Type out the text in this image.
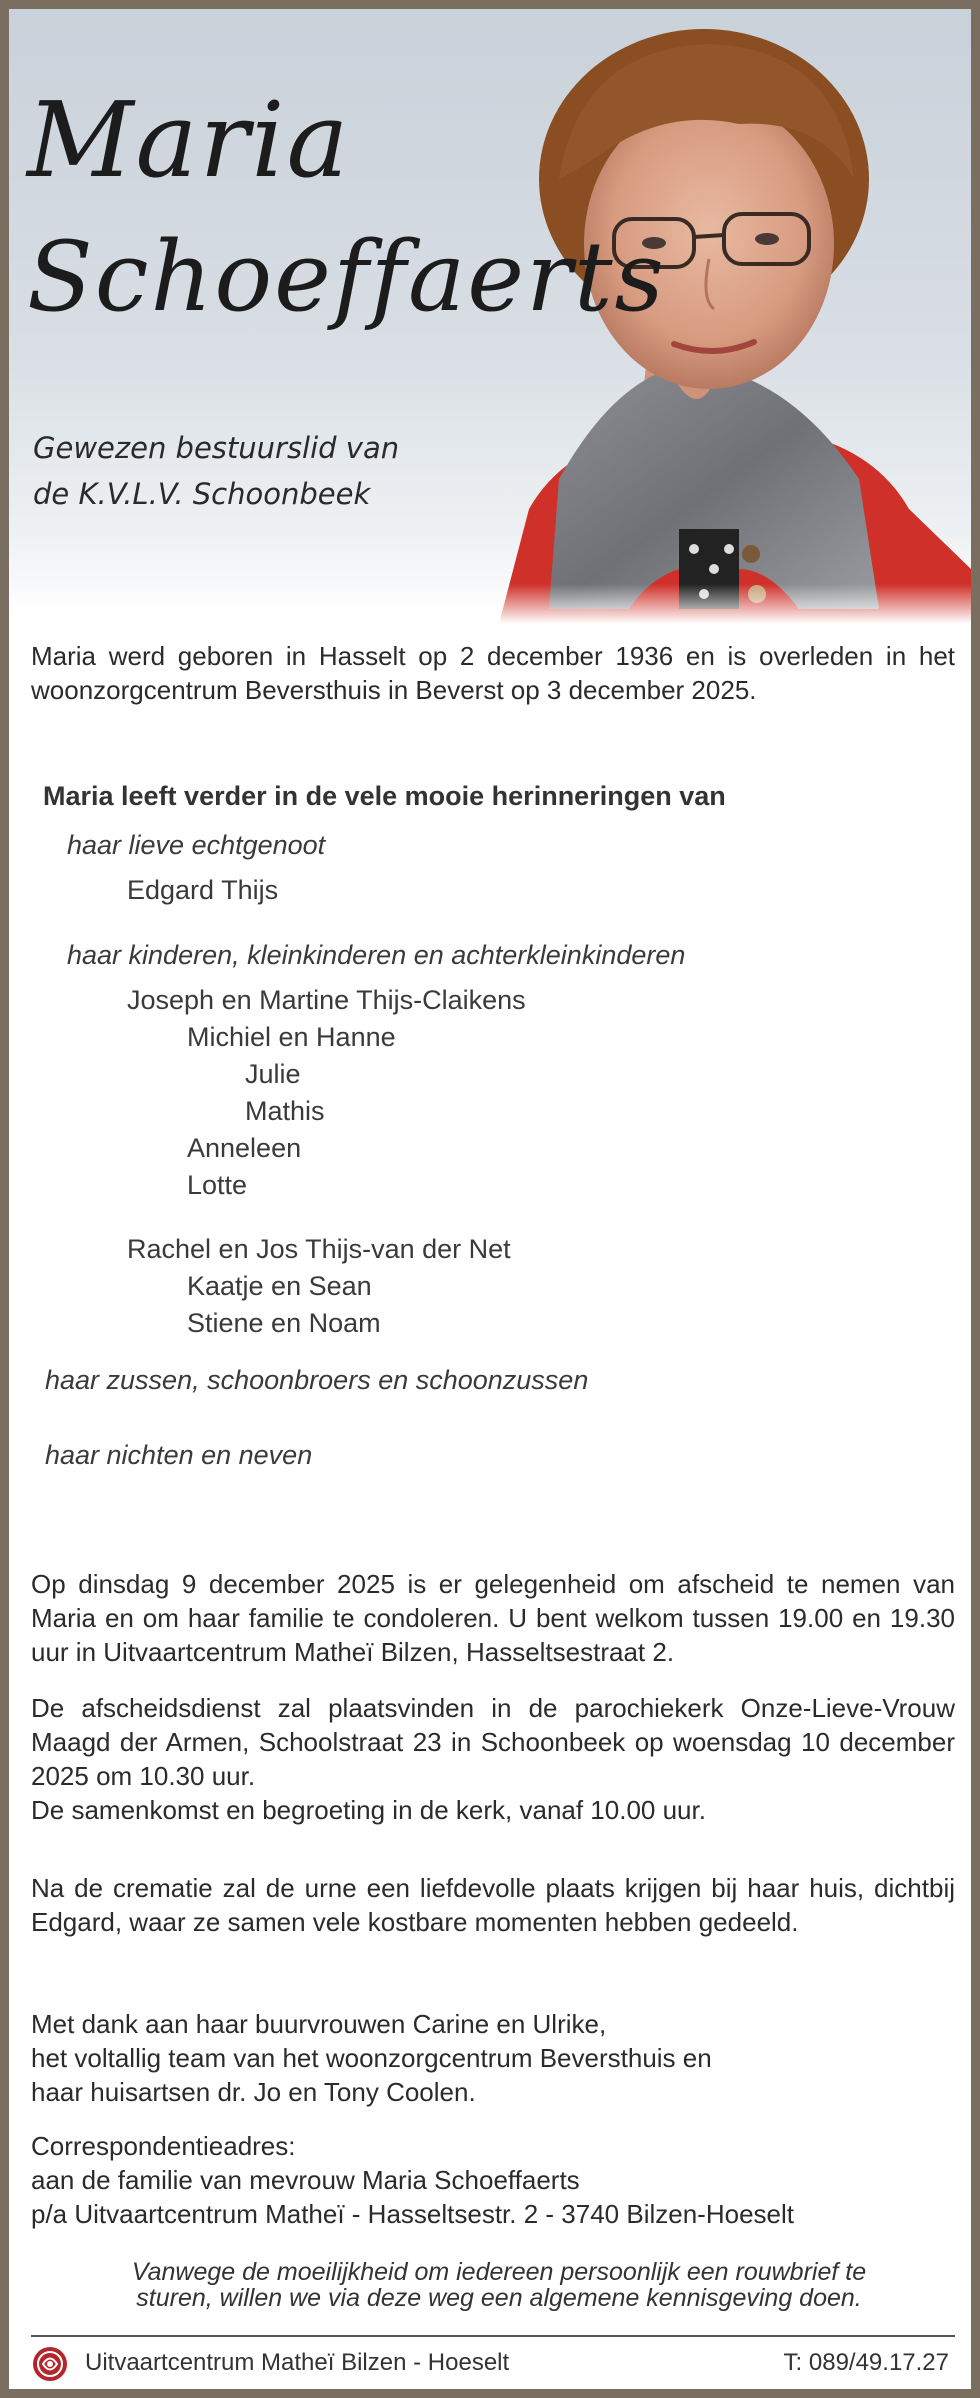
Maria
Schoeffaerts
Gewezen bestuurslid van
de K.V.L.V. Schoonbeek

Maria werd geboren in Hasselt op 2 december 1936 en is overleden in het woonzorgcentrum Beversthuis in Beverst op 3 december 2025.

Maria leeft verder in de vele mooie herinneringen van
haar lieve echtgenoot
Edgard Thijs
haar kinderen, kleinkinderen en achterkleinkinderen
Joseph en Martine Thijs-Claikens
Michiel en Hanne
Julie
Mathis
Anneleen
Lotte
Rachel en Jos Thijs-van der Net
Kaatje en Sean
Stiene en Noam
haar zussen, schoonbroers en schoonzussen
haar nichten en neven

Op dinsdag 9 december 2025 is er gelegenheid om afscheid te nemen van Maria en om haar familie te condoleren. U bent welkom tussen 19.00 en 19.30 uur in Uitvaartcentrum Matheï Bilzen, Hasseltsestraat 2.

De afscheidsdienst zal plaatsvinden in de parochiekerk Onze-Lieve-Vrouw Maagd der Armen, Schoolstraat 23 in Schoonbeek op woensdag 10 december 2025 om 10.30 uur.

De samenkomst en begroeting in de kerk, vanaf 10.00 uur.

Na de crematie zal de urne een liefdevolle plaats krijgen bij haar huis, dichtbij Edgard, waar ze samen vele kostbare momenten hebben gedeeld.

Met dank aan haar buurvrouwen Carine en Ulrike,
het voltallig team van het woonzorgcentrum Beversthuis en
haar huisartsen dr. Jo en Tony Coolen.
Correspondentieadres:
aan de familie van mevrouw Maria Schoeffaerts
p/a Uitvaartcentrum Matheï - Hasseltsestr. 2 - 3740 Bilzen-Hoeselt
Vanwege de moeilijkheid om iedereen persoonlijk een rouwbrief te
sturen, willen we via deze weg een algemene kennisgeving doen.
Uitvaartcentrum Matheï Bilzen - Hoeselt	T: 089/49.17.27
